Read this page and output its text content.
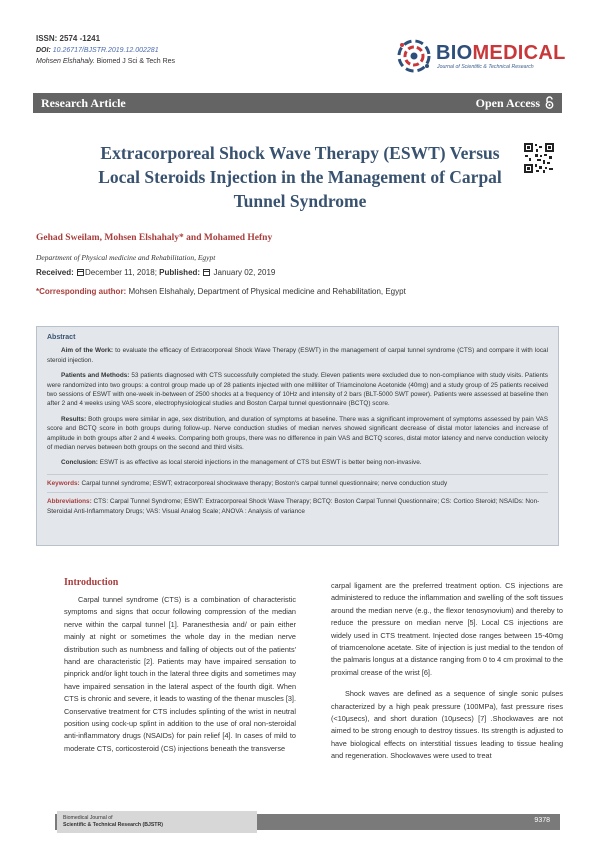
ISSN: 2574 -1241
DOI: 10.26717/BJSTR.2019.12.002281
Mohsen Elshahaly. Biomed J Sci & Tech Res	BIOMEDICAL
Journal of Scientific & Technical Research
Research Article	Open Access
Extracorporeal Shock Wave Therapy (ESWT) Versus
Local Steroids Injection in the Management of Carpal
Tunnel Syndrome
Gehad Sweilam, Mohsen Elshahaly* and Mohamed Hefny
Department of Physical medicine and Rehabilitation, Egypt
Received: December 11, 2018; Published: January 02, 2019
*Corresponding author: Mohsen Elshahaly, Department of Physical medicine and Rehabilitation, Egypt
Abstract

Aim of the Work: to evaluate the efficacy of Extracorporeal Shock Wave Therapy (ESWT) in the management of carpal tunnel syndrome (CTS) and compare it with local steroid injection.

Patients and Methods: 53 patients diagnosed with CTS successfully completed the study. Eleven patients were excluded due to non-compliance with study visits. Patients were randomized into two groups: a control group made up of 28 patients injected with one milliliter of Triamcinolone Acetonide (40mg) and a study group of 25 patients received two sessions of ESWT with one-week in-between of 2500 shocks at a frequency of 10Hz and intensity of 2 bars (BLT-5000 SWT power). Patients were assessed at baseline then after 2 and 4 weeks using VAS score, electrophysiological studies and Boston Carpal tunnel questionnaire (BCTQ) score.

Results: Both groups were similar in age, sex distribution, and duration of symptoms at baseline. There was a significant improvement of symptoms assessed by pain VAS score and BCTQ score in both groups during follow-up. Nerve conduction studies of median nerves showed significant decrease of distal motor latencies and increase of amplitude in both groups after 2 and 4 weeks. Comparing both groups, there was no difference in pain VAS and BCTQ scores, distal motor latency and nerve conduction velocity of median nerves between both groups on the second and third visits.

Conclusion: ESWT is as effective as local steroid injections in the management of CTS but ESWT is better being non-invasive.

Keywords: Carpal tunnel syndrome; ESWT; extracorporeal shockwave therapy; Boston's carpal tunnel questionnaire; nerve conduction study
Abbreviations: CTS: Carpal Tunnel Syndrome; ESWT: Extracorporeal Shock Wave Therapy; BCTQ: Boston Carpal Tunnel Questionnaire; CS: Cortico Steroid; NSAIDs: Non-Steroidal Anti-Inflammatory Drugs; VAS: Visual Analog Scale; ANOVA : Analysis of variance
Introduction

Carpal tunnel syndrome (CTS) is a combination of characteristic symptoms and signs that occur following compression of the median nerve within the carpal tunnel [1]. Paranesthesia and/ or pain either mainly at night or sometimes the whole day in the median nerve distribution such as numbness and falling of objects out of the patients' hand are characteristic [2]. Patients may have impaired sensation to pinprick and/or light touch in the lateral three digits and sometimes may have impaired sensation in the lateral aspect of the fourth digit. When CTS is chronic and severe, it leads to wasting of the thenar muscles [3]. Conservative treatment for CTS includes splinting of the wrist in neutral position using cock-up splint in addition to the use of oral non-steroidal anti-inflammatory drugs (NSAIDs) for pain relief [4]. In cases of mild to moderate CTS, corticosteroid (CS) injections beneath the transverse

carpal ligament are the preferred treatment option. CS injections are administered to reduce the inflammation and swelling of the soft tissues around the median nerve (e.g., the flexor tenosynovium) and thereby to reduce the pressure on median nerve [5]. Local CS injections are widely used in CTS treatment. Injected dose ranges between 15-40mg of triamcenolone acetate. Site of injection is just medial to the tendon of the palmaris longus at a distance ranging from 0 to 4 cm proximal to the proximal crease of the wrist [6].

Shock waves are defined as a sequence of single sonic pulses characterized by a high peak pressure (100MPa), fast pressure rises (<10μsecs), and short duration (10μsecs) [7] .Shockwaves are not aimed to be strong enough to destroy tissues. Its strength is adjusted to have biological effects on interstitial tissues leading to tissue healing and regeneration. Shockwaves were used to treat

Biomedical Journal of
Scientific & Technical Research (BJSTR)
9378
